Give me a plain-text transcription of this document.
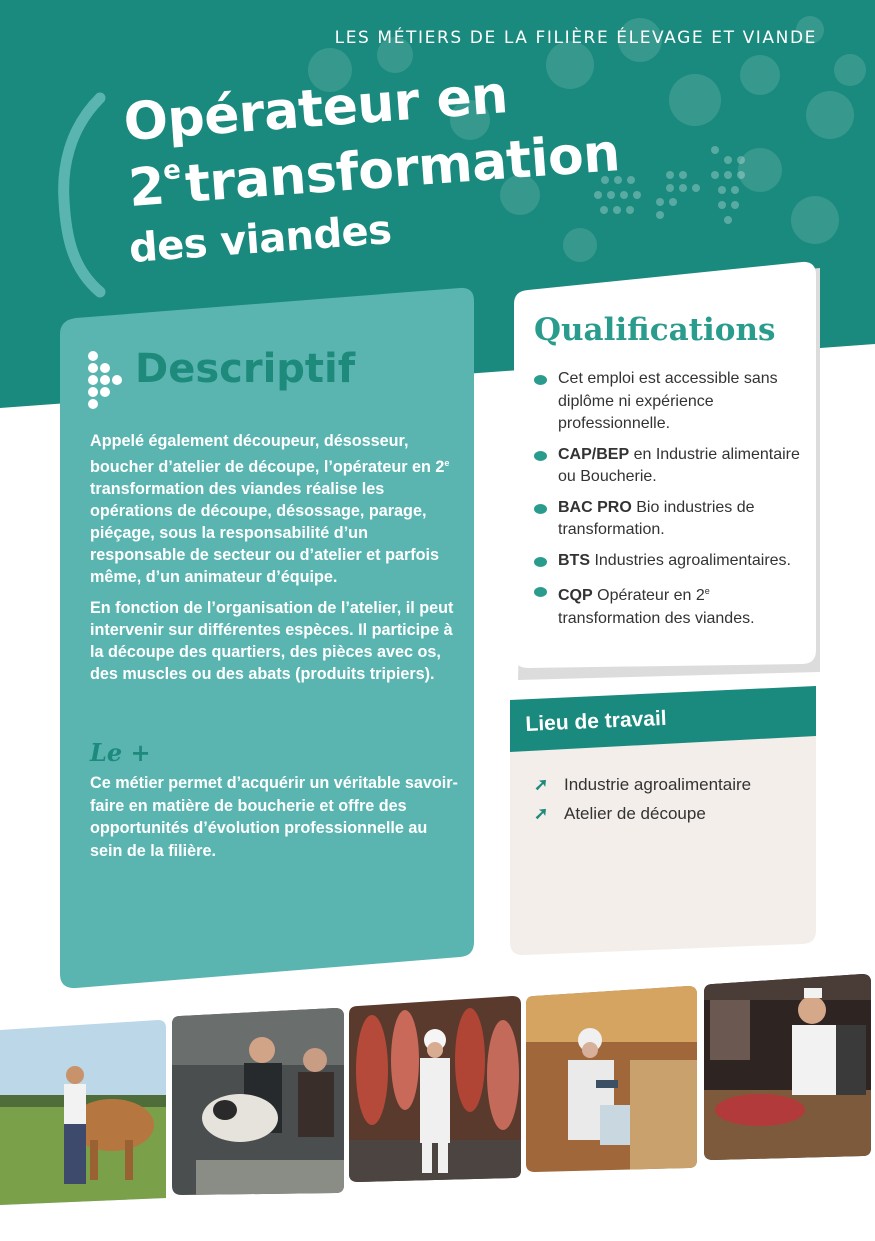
LES MÉTIERS DE LA FILIÈRE ÉLEVAGE ET VIANDE
Opérateur en
2etransformation
des viandes
Descriptif

Appelé également découpeur, désosseur, boucher d’atelier de découpe, l’opérateur en 2e transformation des viandes réalise les opérations de découpe, désossage, parage, piéçage, sous la responsabilité d’un responsable de secteur ou d’atelier et parfois même, d’un animateur d’équipe.

En fonction de l’organisation de l’atelier, il peut intervenir sur différentes espèces. Il participe à la découpe des quartiers, des pièces avec os, des muscles ou des abats (produits tripiers).

Le +
Ce métier permet d’acquérir un véritable savoir-faire en matière de boucherie et offre des opportunités d’évolution professionnelle au sein de la filière.
Qualifications
Cet emploi est accessible sans diplôme ni expérience professionnelle.
CAP/BEP en Industrie alimentaire ou Boucherie.
BAC PRO Bio industries de transformation.
BTS Industries agroalimentaires.
CQP Opérateur en 2e transformation des viandes.
Lieu de travail
➚ Industrie agroalimentaire
➚ Atelier de découpe
